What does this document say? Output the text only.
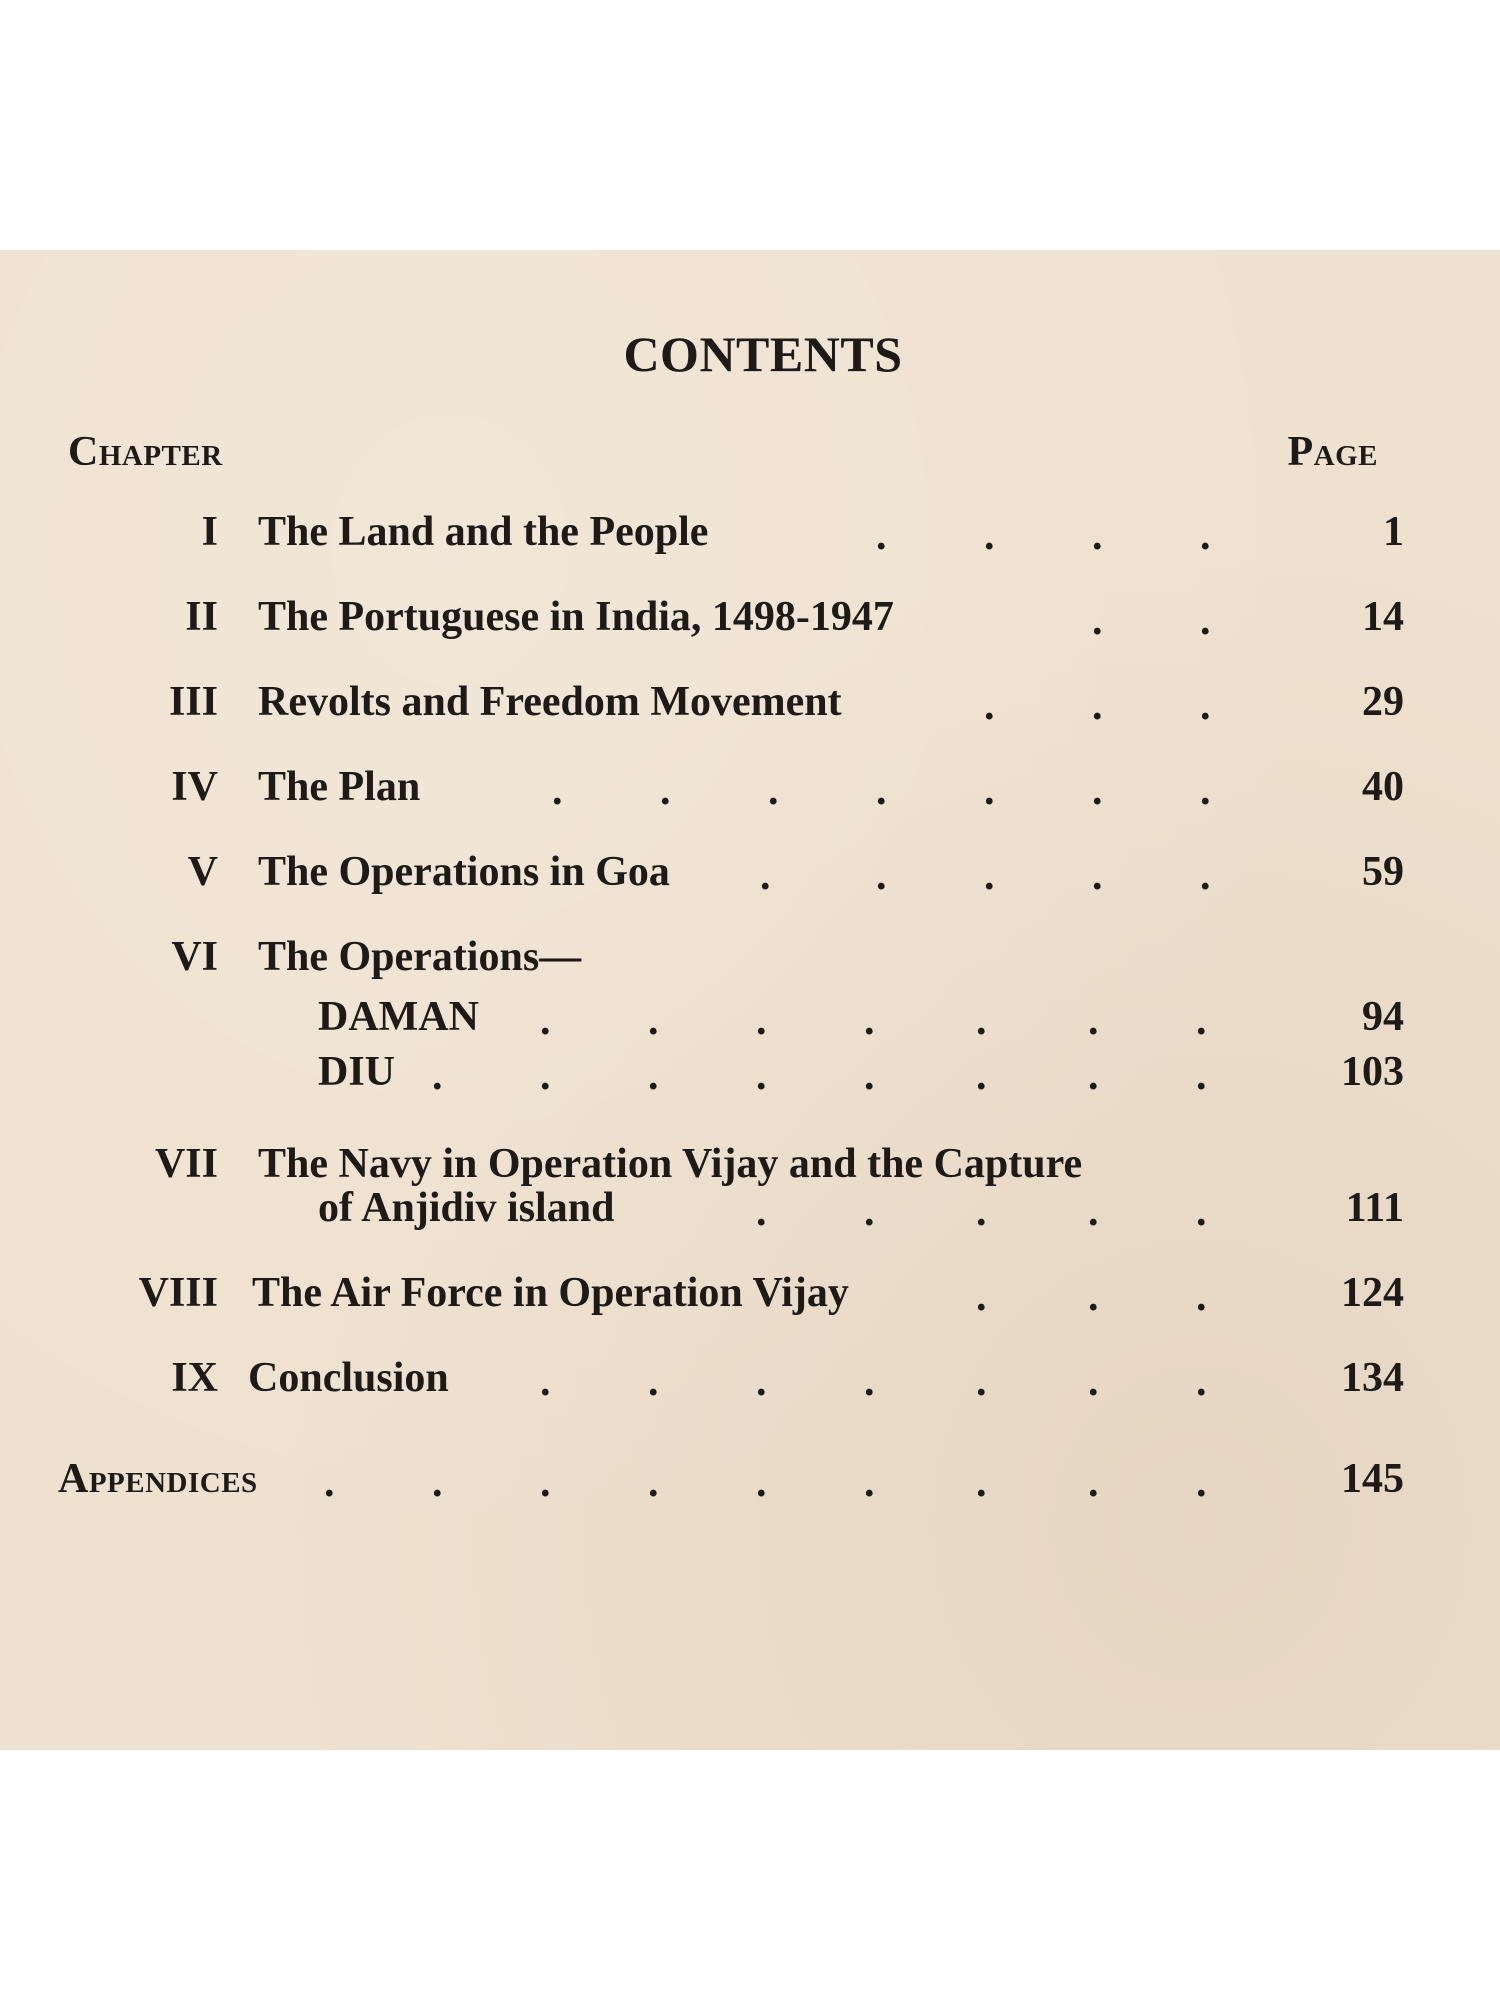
CONTENTS
Chapter	Page
I The Land and the People	. . . .	1
II The Portuguese in India, 1498-1947	. .	14
III Revolts and Freedom Movement	. . .	29
IV The Plan	. . . . . . .	40
V The Operations in Goa .	. . . .	59
VI The Operations—
DAMAN . . . . . . .	94
DIU . . . . . . . .	103
VII The Navy in Operation Vijay and the Capture
of Anjidiv island	. . . . .	111
VIII The Air Force in Operation Vijay	. . .	124
IX Conclusion . . . . . . .	134
Appendices . . . . . . . . .	145
